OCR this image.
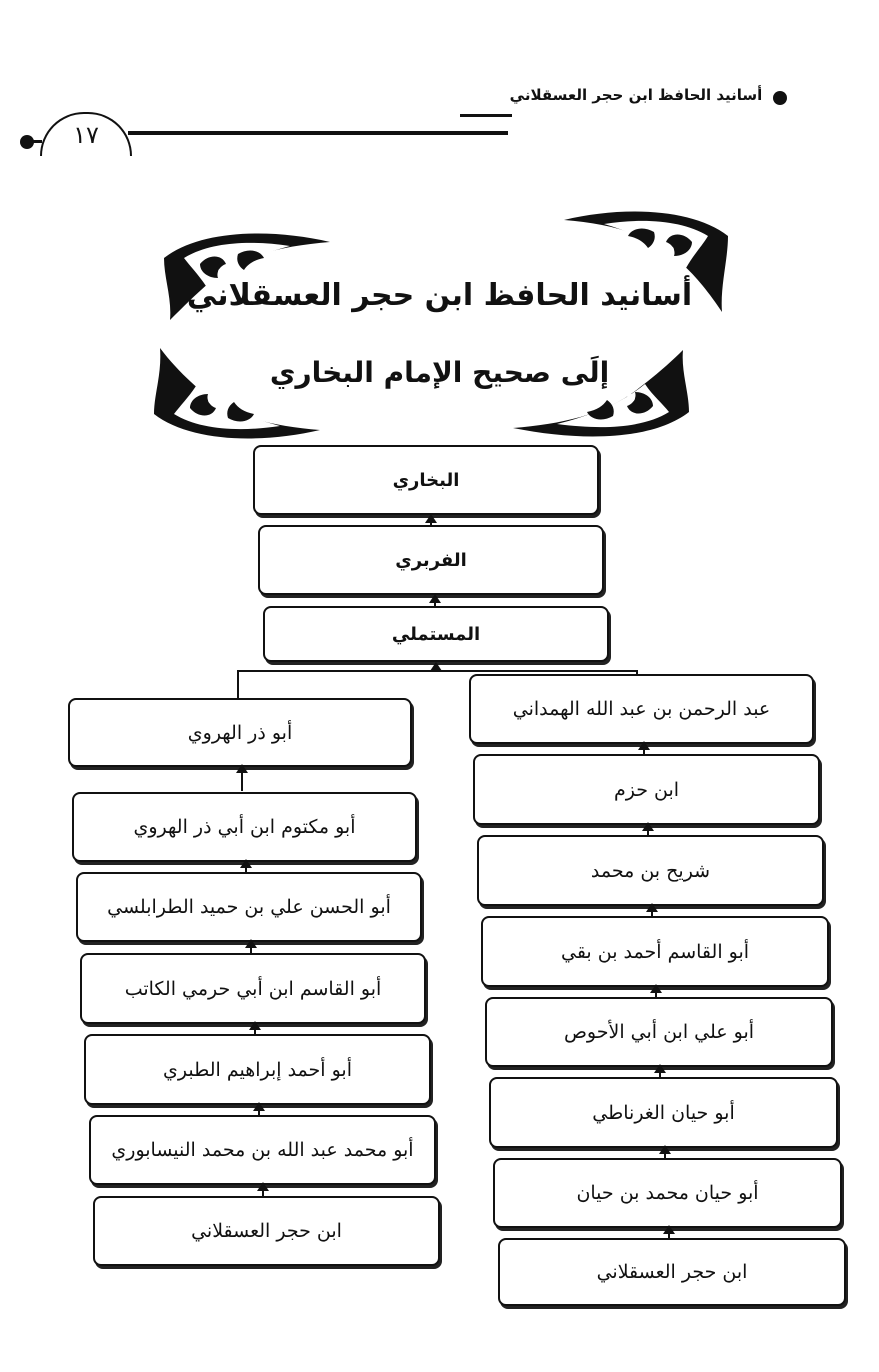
أسانيد الحافظ ابن حجر العسقلاني
١٧
أسانيد الحافظ ابن حجر العسقلاني
إلَى صحيح الإمام البخاري
البخاري
الفربري
المستملي
عبد الرحمن بن عبد الله الهمداني
ابن حزم
شريح بن محمد
أبو القاسم أحمد بن بقي
أبو علي ابن أبي الأحوص
أبو حيان الغرناطي
أبو حيان محمد بن حيان
ابن حجر العسقلاني
أبو ذر الهروي
أبو مكتوم ابن أبي ذر الهروي
أبو الحسن علي بن حميد الطرابلسي
أبو القاسم ابن أبي حرمي الكاتب
أبو أحمد إبراهيم الطبري
أبو محمد عبد الله بن محمد النيسابوري
ابن حجر العسقلاني
